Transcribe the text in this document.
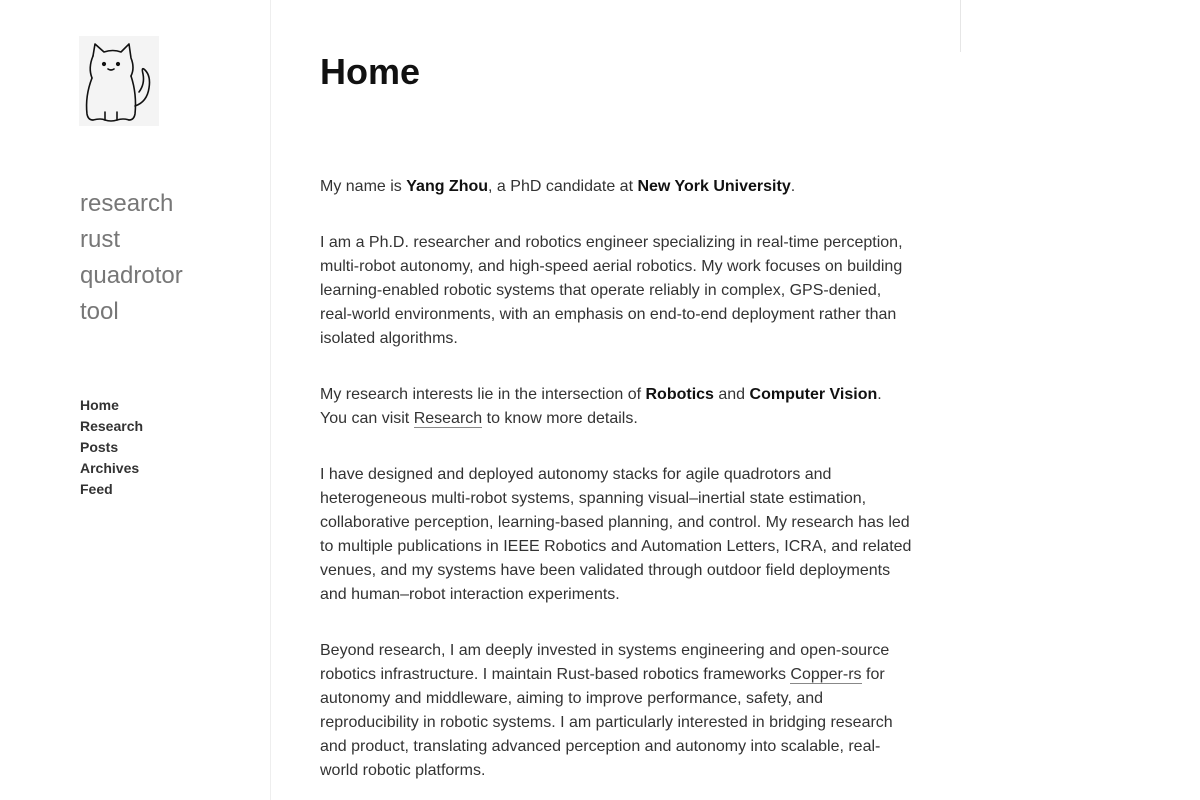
research
rust
quadrotor
tool
Home
Research
Posts
Archives
Feed
Home

My name is Yang Zhou, a PhD candidate at New York University.

I am a Ph.D. researcher and robotics engineer specializing in real-time perception, multi-robot autonomy, and high-speed aerial robotics. My work focuses on building learning-enabled robotic systems that operate reliably in complex, GPS-denied, real-world environments, with an emphasis on end-to-end deployment rather than isolated algorithms.

My research interests lie in the intersection of Robotics and Computer Vision. You can visit Research to know more details.

I have designed and deployed autonomy stacks for agile quadrotors and heterogeneous multi-robot systems, spanning visual–inertial state estimation, collaborative perception, learning-based planning, and control. My research has led to multiple publications in IEEE Robotics and Automation Letters, ICRA, and related venues, and my systems have been validated through outdoor field deployments and human–robot interaction experiments.

Beyond research, I am deeply invested in systems engineering and open-source robotics infrastructure. I maintain Rust-based robotics frameworks Copper-rs for autonomy and middleware, aiming to improve performance, safety, and reproducibility in robotic systems. I am particularly interested in bridging research and product, translating advanced perception and autonomy into scalable, real-world robotic platforms.
